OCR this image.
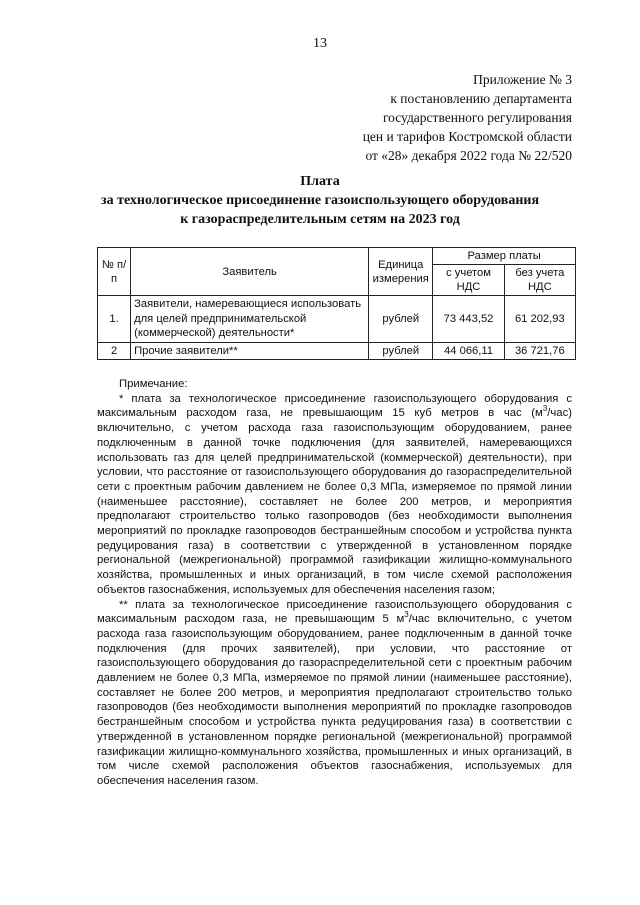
13
Приложение № 3
к постановлению департамента
государственного регулирования
цен и тарифов Костромской области
от «28» декабря 2022 года № 22/520
Плата
за технологическое присоединение газоиспользующего оборудования
к газораспределительным сетям на 2023 год
№ п/п	Заявитель	Единица измерения	Размер платы	
			с учетом НДС	без учета НДС
1.	Заявители, намеревающиеся использовать для целей предпринимательской (коммерческой) деятельности*	рублей	73 443,52	61 202,93
2	Прочие заявители**	рублей	44 066,11	36 721,76
Примечание:

* плата за технологическое присоединение газоиспользующего оборудования с максимальным расходом газа, не превышающим 15 куб метров в час $(м^3/час)$ включительно, с учетом расхода газа газоиспользующим оборудованием, ранее подключенным в данной точке подключения (для заявителей, намеревающихся использовать газ для целей предпринимательской (коммерческой) деятельности), при условии, что расстояние от газоиспользующего оборудования до газораспределительной сети с проектным рабочим давлением не более 0,3 МПа, измеряемое по прямой линии (наименьшее расстояние), составляет не более 200 метров, и мероприятия предполагают строительство только газопроводов (без необходимости выполнения мероприятий по прокладке газопроводов бестраншейным способом и устройства пункта редуцирования газа) в соответствии с утвержденной в установленном порядке региональной (межрегиональной) программой газификации жилищно-коммунального хозяйства, промышленных и иных организаций, в том числе схемой расположения объектов газоснабжения, используемых для обеспечения населения газом;

** плата за технологическое присоединение газоиспользующего оборудования с максимальным расходом газа, не превышающим 5 $м^3$/час включительно, с учетом расхода газа газоиспользующим оборудованием, ранее подключенным в данной точке подключения (для прочих заявителей), при условии, что расстояние от газоиспользующего оборудования до газораспределительной сети с проектным рабочим давлением не более 0,3 МПа, измеряемое по прямой линии (наименьшее расстояние), составляет не более 200 метров, и мероприятия предполагают строительство только газопроводов (без необходимости выполнения мероприятий по прокладке газопроводов бестраншейным способом и устройства пункта редуцирования газа) в соответствии с утвержденной в установленном порядке региональной (межрегиональной) программой газификации жилищно-коммунального хозяйства, промышленных и иных организаций, в том числе схемой расположения объектов газоснабжения, используемых для обеспечения населения газом.
